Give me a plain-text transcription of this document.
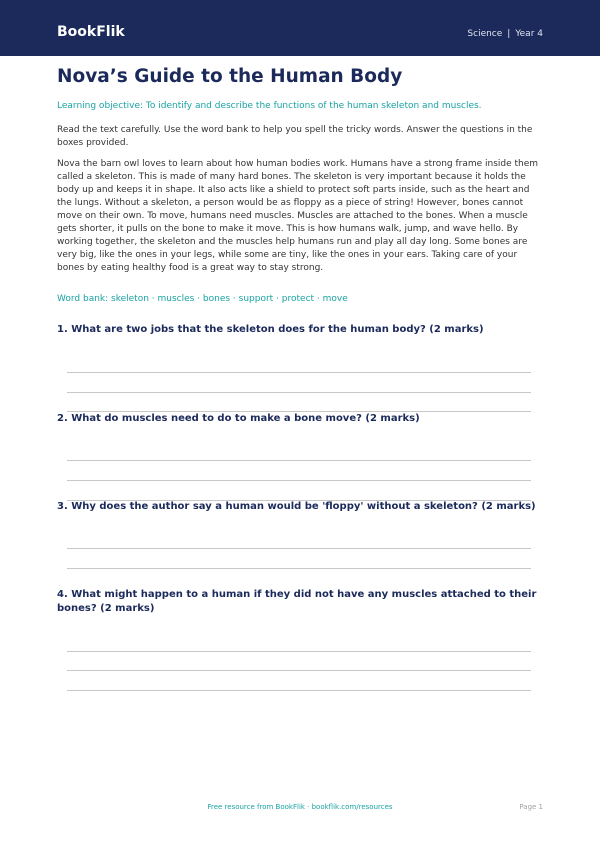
BookFlik	Science | Year 4
Nova’s Guide to the Human Body
Learning objective: To identify and describe the functions of the human skeleton and muscles.
Read the text carefully. Use the word bank to help you spell the tricky words. Answer the questions in the boxes provided.
Nova the barn owl loves to learn about how human bodies work. Humans have a strong frame inside them called a skeleton. This is made of many hard bones. The skeleton is very important because it holds the body up and keeps it in shape. It also acts like a shield to protect soft parts inside, such as the heart and the lungs. Without a skeleton, a person would be as floppy as a piece of string! However, bones cannot move on their own. To move, humans need muscles. Muscles are attached to the bones. When a muscle gets shorter, it pulls on the bone to make it move. This is how humans walk, jump, and wave hello. By working together, the skeleton and the muscles help humans run and play all day long. Some bones are very big, like the ones in your legs, while some are tiny, like the ones in your ears. Taking care of your bones by eating healthy food is a great way to stay strong.
Word bank: skeleton · muscles · bones · support · protect · move
1. What are two jobs that the skeleton does for the human body? (2 marks)
2. What do muscles need to do to make a bone move? (2 marks)
3. Why does the author say a human would be 'floppy' without a skeleton? (2 marks)
4. What might happen to a human if they did not have any muscles attached to their bones? (2 marks)
Free resource from BookFlik · bookflik.com/resources	Page 1
